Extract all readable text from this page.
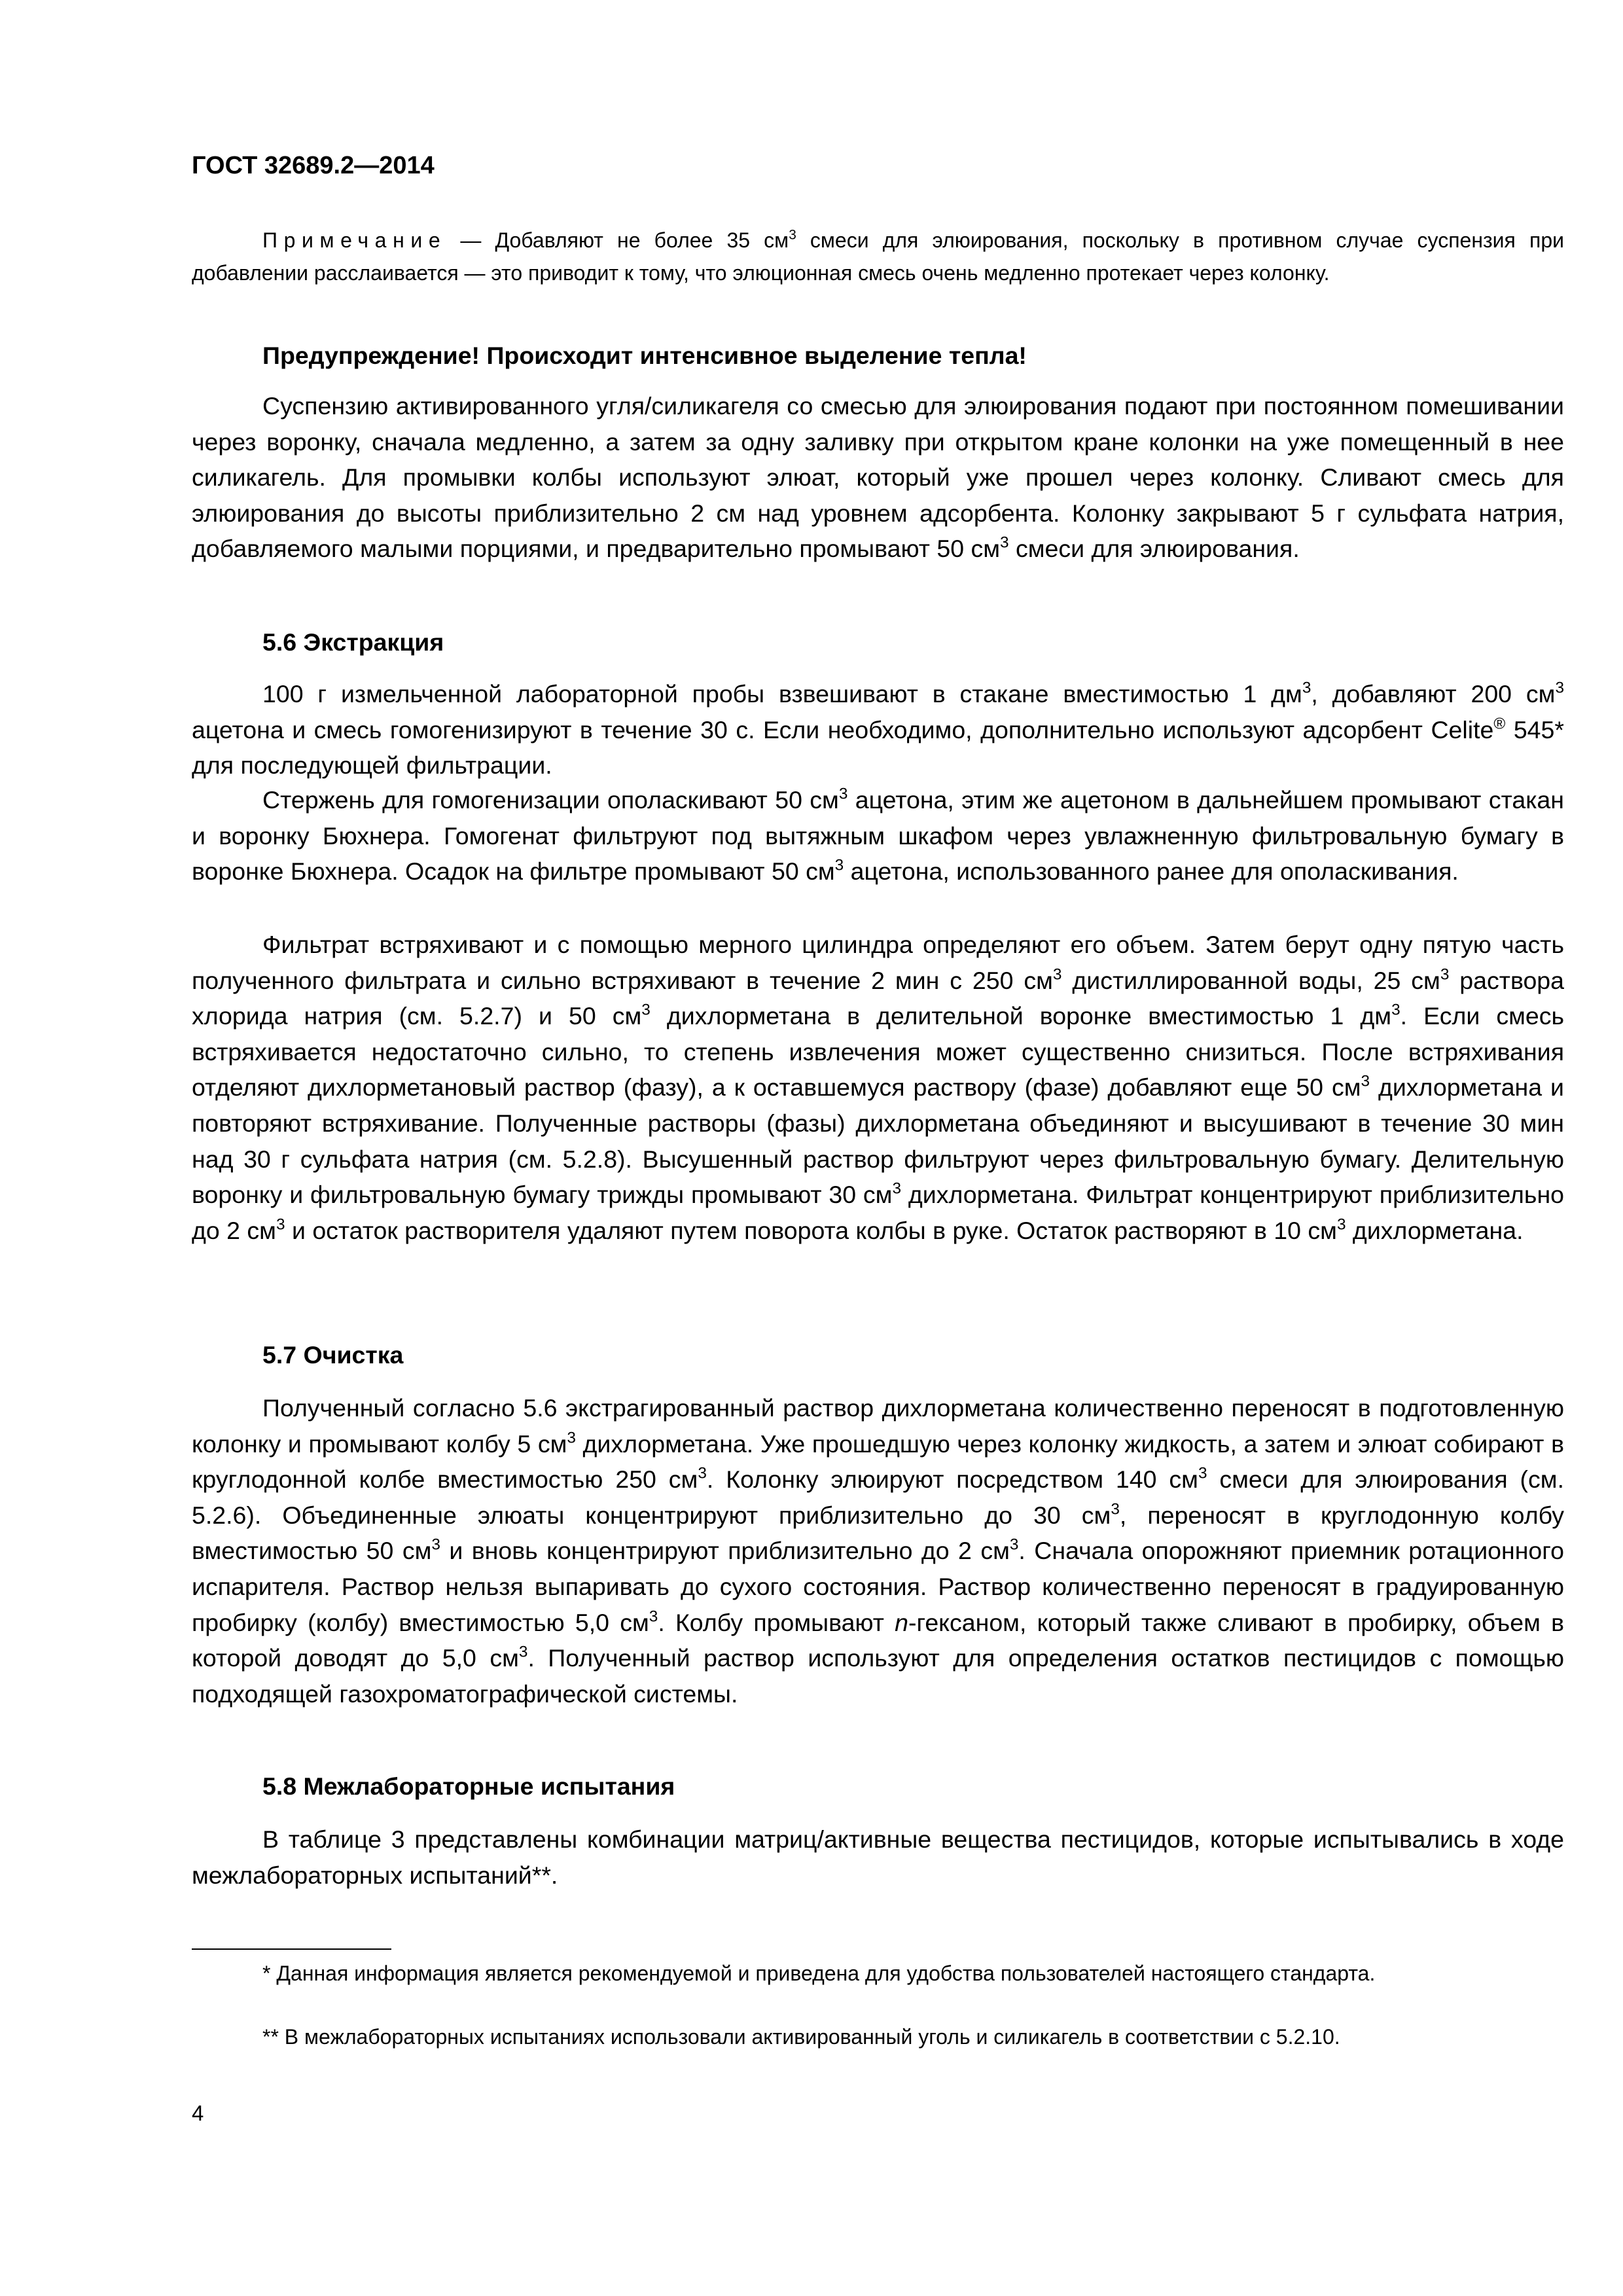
ГОСТ 32689.2—2014

Примечание — Добавляют не более 35 $см^3$ смеси для элюирования, поскольку в противном случае суспензия при добавлении расслаивается — это приводит к тому, что элюционная смесь очень медленно протекает через колонку.

Предупреждение! Происходит интенсивное выделение тепла!

Суспензию активированного угля/силикагеля со смесью для элюирования подают при постоянном помешивании через воронку, сначала медленно, а затем за одну заливку при открытом кране колонки на уже помещенный в нее силикагель. Для промывки колбы используют элюат, который уже прошел через колонку. Сливают смесь для элюирования до высоты приблизительно 2 см над уровнем адсорбента. Колонку закрывают 5 г сульфата натрия, добавляемого малыми порциями, и предварительно промывают 50 $см^3$ смеси для элюирования.

5.6 Экстракция

100 г измельченной лабораторной пробы взвешивают в стакане вместимостью 1 $дм^3$, добавляют 200 $см^3$ ацетона и смесь гомогенизируют в течение 30 с. Если необходимо, дополнительно используют адсорбент Celite® 545* для последующей фильтрации.

Стержень для гомогенизации ополаскивают 50 $см^3$ ацетона, этим же ацетоном в дальнейшем промывают стакан и воронку Бюхнера. Гомогенат фильтруют под вытяжным шкафом через увлажненную фильтровальную бумагу в воронке Бюхнера. Осадок на фильтре промывают 50 $см^3$ ацетона, использованного ранее для ополаскивания.

Фильтрат встряхивают и с помощью мерного цилиндра определяют его объем. Затем берут одну пятую часть полученного фильтрата и сильно встряхивают в течение 2 мин с 250 $см^3$ дистиллированной воды, 25 $см^3$ раствора хлорида натрия (см. 5.2.7) и 50 $см^3$ дихлорметана в делительной воронке вместимостью 1 $дм^3$. Если смесь встряхивается недостаточно сильно, то степень извлечения может существенно снизиться. После встряхивания отделяют дихлорметановый раствор (фазу), а к оставшемуся раствору (фазе) добавляют еще 50 $см^3$ дихлорметана и повторяют встряхивание. Полученные растворы (фазы) дихлорметана объединяют и высушивают в течение 30 мин над 30 г сульфата натрия (см. 5.2.8). Высушенный раствор фильтруют через фильтровальную бумагу. Делительную воронку и фильтровальную бумагу трижды промывают 30 $см^3$ дихлорметана. Фильтрат концентрируют приблизительно до 2 $см^3$ и остаток растворителя удаляют путем поворота колбы в руке. Остаток растворяют в 10 $см^3$ дихлорметана.

5.7 Очистка

Полученный согласно 5.6 экстрагированный раствор дихлорметана количественно переносят в подготовленную колонку и промывают колбу 5 $см^3$ дихлорметана. Уже прошедшую через колонку жидкость, а затем и элюат собирают в круглодонной колбе вместимостью 250 $см^3$. Колонку элюируют посредством 140 $см^3$ смеси для элюирования (см. 5.2.6). Объединенные элюаты концентрируют приблизительно до 30 $см^3$, переносят в круглодонную колбу вместимостью 50 $см^3$ и вновь концентрируют приблизительно до 2 $см^3$. Сначала опорожняют приемник ротационного испарителя. Раствор нельзя выпаривать до сухого состояния. Раствор количественно переносят в градуированную пробирку (колбу) вместимостью 5,0 $см^3$. Колбу промывают n-гексаном, который также сливают в пробирку, объем в которой доводят до 5,0 $см^3$. Полученный раствор используют для определения остатков пестицидов с помощью подходящей газохроматографической системы.

5.8 Межлабораторные испытания

В таблице 3 представлены комбинации матриц/активные вещества пестицидов, которые испытывались в ходе межлабораторных испытаний**.

* Данная информация является рекомендуемой и приведена для удобства пользователей настоящего стандарта.

** В межлабораторных испытаниях использовали активированный уголь и силикагель в соответствии с 5.2.10.

4
